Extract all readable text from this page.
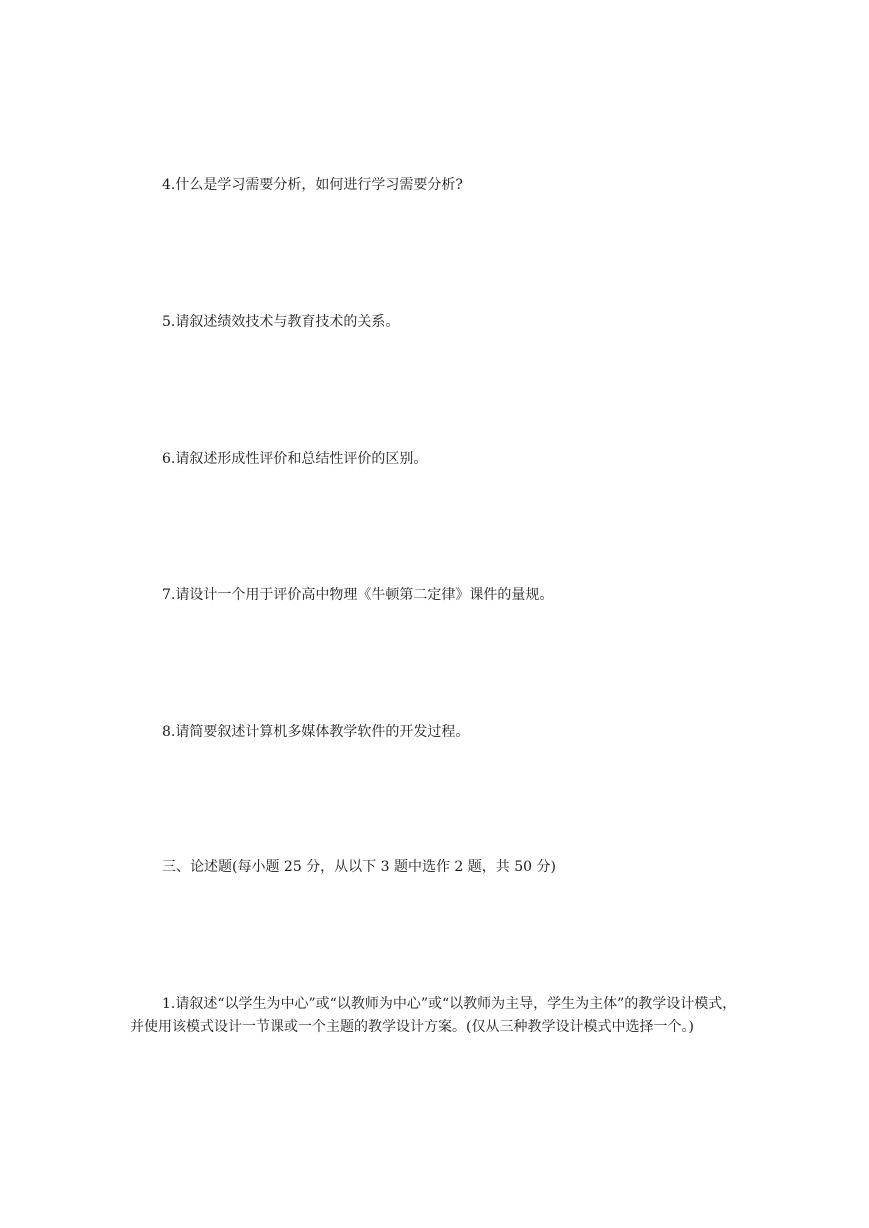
4.什么是学习需要分析，如何进行学习需要分析?

5.请叙述绩效技术与教育技术的关系。

6.请叙述形成性评价和总结性评价的区别。

7.请设计一个用于评价高中物理《牛顿第二定律》课件的量规。

8.请简要叙述计算机多媒体教学软件的开发过程。

三、论述题(每小题 25 分，从以下 3 题中选作 2 题，共 50 分)

1.请叙述“以学生为中心”或“以教师为中心”或“以教师为主导，学生为主体”的教学设计模式，并使用该模式设计一节课或一个主题的教学设计方案。(仅从三种教学设计模式中选择一个。)
